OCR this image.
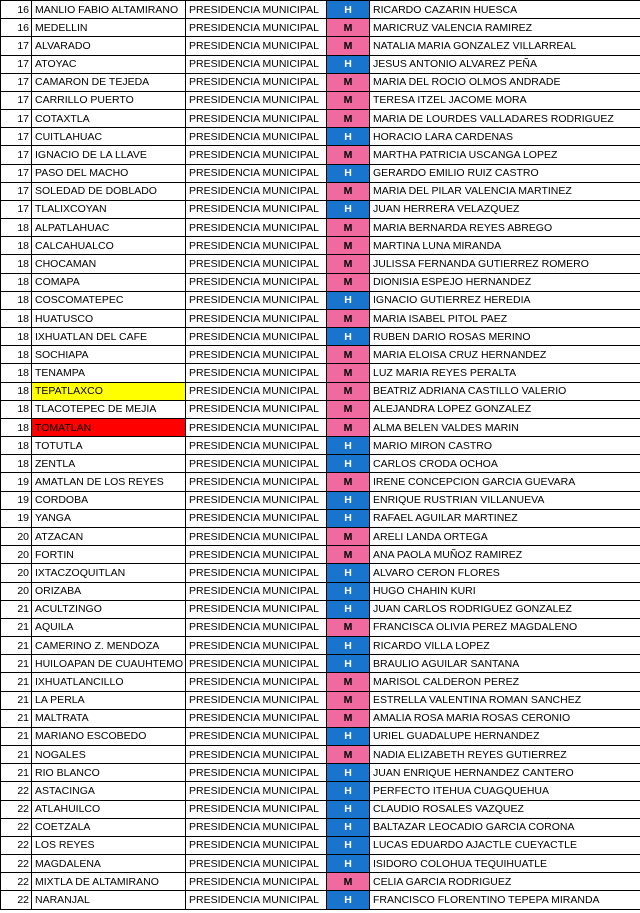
16	MANLIO FABIO ALTAMIRANO	PRESIDENCIA MUNICIPAL	H	RICARDO CAZARIN HUESCA
16	MEDELLIN	PRESIDENCIA MUNICIPAL	M	MARICRUZ VALENCIA RAMIREZ
17	ALVARADO	PRESIDENCIA MUNICIPAL	M	NATALIA MARIA GONZALEZ VILLARREAL
17	ATOYAC	PRESIDENCIA MUNICIPAL	H	JESUS ANTONIO ALVAREZ PEÑA
17	CAMARON DE TEJEDA	PRESIDENCIA MUNICIPAL	M	MARIA DEL ROCIO OLMOS ANDRADE
17	CARRILLO PUERTO	PRESIDENCIA MUNICIPAL	M	TERESA ITZEL JACOME MORA
17	COTAXTLA	PRESIDENCIA MUNICIPAL	M	MARIA DE LOURDES VALLADARES RODRIGUEZ
17	CUITLAHUAC	PRESIDENCIA MUNICIPAL	H	HORACIO LARA CARDENAS
17	IGNACIO DE LA LLAVE	PRESIDENCIA MUNICIPAL	M	MARTHA PATRICIA USCANGA LOPEZ
17	PASO DEL MACHO	PRESIDENCIA MUNICIPAL	H	GERARDO EMILIO RUIZ CASTRO
17	SOLEDAD DE DOBLADO	PRESIDENCIA MUNICIPAL	M	MARIA DEL PILAR VALENCIA MARTINEZ
17	TLALIXCOYAN	PRESIDENCIA MUNICIPAL	H	JUAN HERRERA VELAZQUEZ
18	ALPATLAHUAC	PRESIDENCIA MUNICIPAL	M	MARIA BERNARDA REYES ABREGO
18	CALCAHUALCO	PRESIDENCIA MUNICIPAL	M	MARTINA LUNA MIRANDA
18	CHOCAMAN	PRESIDENCIA MUNICIPAL	M	JULISSA FERNANDA GUTIERREZ ROMERO
18	COMAPA	PRESIDENCIA MUNICIPAL	M	DIONISIA ESPEJO HERNANDEZ
18	COSCOMATEPEC	PRESIDENCIA MUNICIPAL	H	IGNACIO GUTIERREZ HEREDIA
18	HUATUSCO	PRESIDENCIA MUNICIPAL	M	MARIA ISABEL PITOL PAEZ
18	IXHUATLAN DEL CAFE	PRESIDENCIA MUNICIPAL	H	RUBEN DARIO ROSAS MERINO
18	SOCHIAPA	PRESIDENCIA MUNICIPAL	M	MARIA ELOISA CRUZ HERNANDEZ
18	TENAMPA	PRESIDENCIA MUNICIPAL	M	LUZ MARIA REYES PERALTA
18	TEPATLAXCO	PRESIDENCIA MUNICIPAL	M	BEATRIZ ADRIANA CASTILLO VALERIO
18	TLACOTEPEC DE MEJIA	PRESIDENCIA MUNICIPAL	M	ALEJANDRA LOPEZ GONZALEZ
18	TOMATLAN	PRESIDENCIA MUNICIPAL	M	ALMA BELEN VALDES MARIN
18	TOTUTLA	PRESIDENCIA MUNICIPAL	H	MARIO MIRON CASTRO
18	ZENTLA	PRESIDENCIA MUNICIPAL	H	CARLOS CRODA OCHOA
19	AMATLAN DE LOS REYES	PRESIDENCIA MUNICIPAL	M	IRENE CONCEPCION GARCIA GUEVARA
19	CORDOBA	PRESIDENCIA MUNICIPAL	H	ENRIQUE RUSTRIAN VILLANUEVA
19	YANGA	PRESIDENCIA MUNICIPAL	H	RAFAEL AGUILAR MARTINEZ
20	ATZACAN	PRESIDENCIA MUNICIPAL	M	ARELI LANDA ORTEGA
20	FORTIN	PRESIDENCIA MUNICIPAL	M	ANA PAOLA MUÑOZ RAMIREZ
20	IXTACZOQUITLAN	PRESIDENCIA MUNICIPAL	H	ALVARO CERON FLORES
20	ORIZABA	PRESIDENCIA MUNICIPAL	H	HUGO CHAHIN KURI
21	ACULTZINGO	PRESIDENCIA MUNICIPAL	H	JUAN CARLOS RODRIGUEZ GONZALEZ
21	AQUILA	PRESIDENCIA MUNICIPAL	M	FRANCISCA OLIVIA PEREZ MAGDALENO
21	CAMERINO Z. MENDOZA	PRESIDENCIA MUNICIPAL	H	RICARDO VILLA LOPEZ
21	HUILOAPAN DE CUAUHTEMO	PRESIDENCIA MUNICIPAL	H	BRAULIO AGUILAR SANTANA
21	IXHUATLANCILLO	PRESIDENCIA MUNICIPAL	M	MARISOL CALDERON PEREZ
21	LA PERLA	PRESIDENCIA MUNICIPAL	M	ESTRELLA VALENTINA ROMAN SANCHEZ
21	MALTRATA	PRESIDENCIA MUNICIPAL	M	AMALIA ROSA MARIA ROSAS CERONIO
21	MARIANO ESCOBEDO	PRESIDENCIA MUNICIPAL	H	URIEL GUADALUPE HERNANDEZ
21	NOGALES	PRESIDENCIA MUNICIPAL	M	NADIA ELIZABETH REYES GUTIERREZ
21	RIO BLANCO	PRESIDENCIA MUNICIPAL	H	JUAN ENRIQUE HERNANDEZ CANTERO
22	ASTACINGA	PRESIDENCIA MUNICIPAL	H	PERFECTO ITEHUA CUAGQUEHUA
22	ATLAHUILCO	PRESIDENCIA MUNICIPAL	H	CLAUDIO ROSALES VAZQUEZ
22	COETZALA	PRESIDENCIA MUNICIPAL	H	BALTAZAR LEOCADIO GARCIA CORONA
22	LOS REYES	PRESIDENCIA MUNICIPAL	H	LUCAS EDUARDO AJACTLE CUEYACTLE
22	MAGDALENA	PRESIDENCIA MUNICIPAL	H	ISIDORO COLOHUA TEQUIHUATLE
22	MIXTLA DE ALTAMIRANO	PRESIDENCIA MUNICIPAL	M	CELIA GARCIA RODRIGUEZ
22	NARANJAL	PRESIDENCIA MUNICIPAL	H	FRANCISCO FLORENTINO TEPEPA MIRANDA
